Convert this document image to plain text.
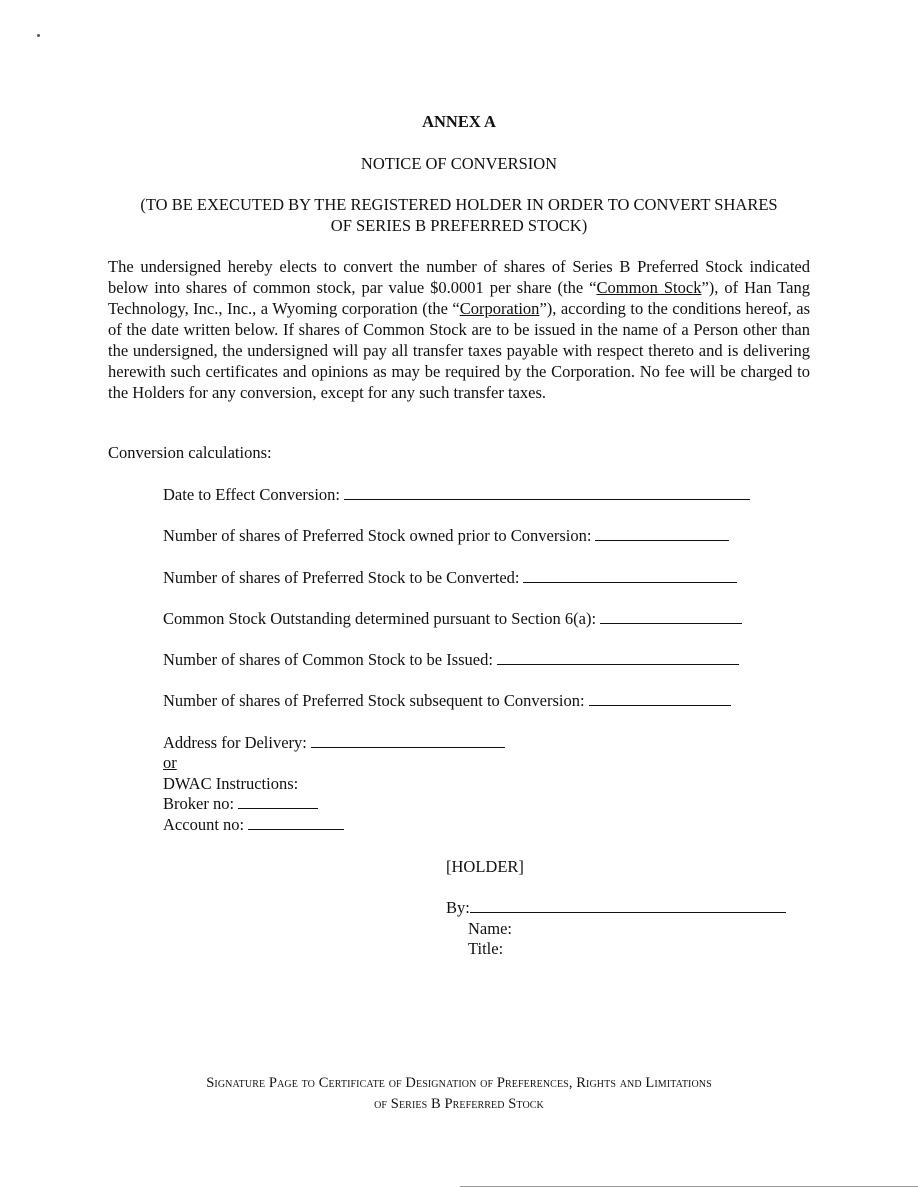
ANNEX A
NOTICE OF CONVERSION
(TO BE EXECUTED BY THE REGISTERED HOLDER IN ORDER TO CONVERT SHARES
OF SERIES B PREFERRED STOCK)

The undersigned hereby elects to convert the number of shares of Series B Preferred Stock indicated below into shares of common stock, par value $0.0001 per share (the “Common Stock”), of Han Tang Technology, Inc., Inc., a Wyoming corporation (the “Corporation”), according to the conditions hereof, as of the date written below. If shares of Common Stock are to be issued in the name of a Person other than the undersigned, the undersigned will pay all transfer taxes payable with respect thereto and is delivering herewith such certificates and opinions as may be required by the Corporation. No fee will be charged to the Holders for any conversion, except for any such transfer taxes.

Conversion calculations:
Date to Effect Conversion:
Number of shares of Preferred Stock owned prior to Conversion:
Number of shares of Preferred Stock to be Converted:
Common Stock Outstanding determined pursuant to Section 6(a):
Number of shares of Common Stock to be Issued:
Number of shares of Preferred Stock subsequent to Conversion:
Address for Delivery:
or
DWAC Instructions:
Broker no:
Account no:
[HOLDER]
By:
Name:
Title:
Signature Page to Certificate of Designation of Preferences, Rights and Limitations
of Series B Preferred Stock
